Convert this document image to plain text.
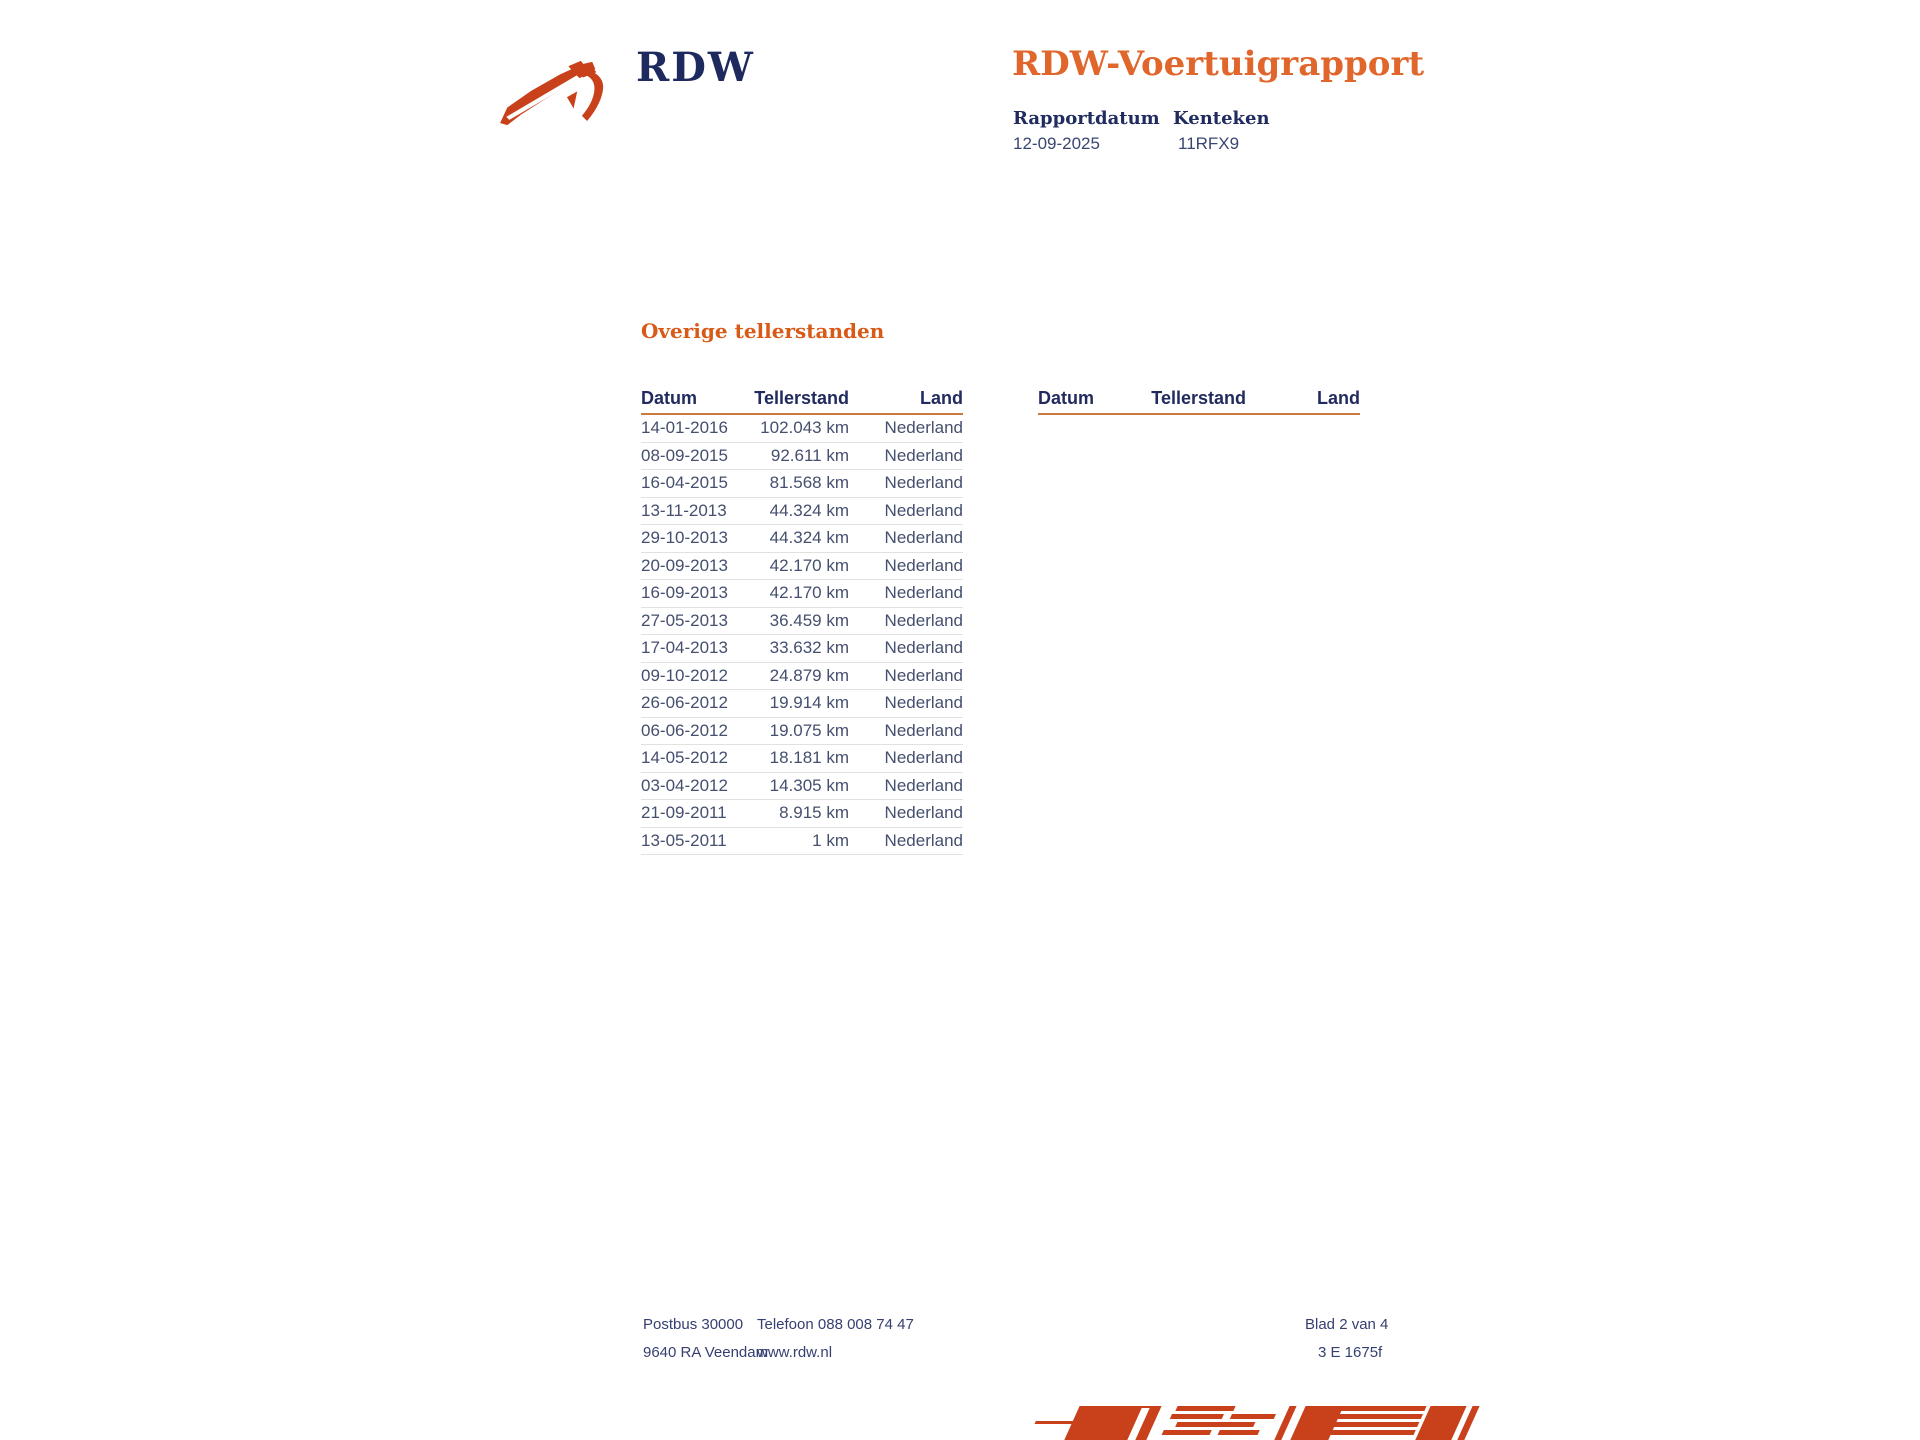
RDW	RDW-Voertuigrapport
Rapportdatum
12-09-2025
Kenteken
11RFX9
Overige tellerstanden
Datum	Tellerstand	Land
14-01-2016	102.043 km	Nederland
08-09-2015	92.611 km	Nederland
16-04-2015	81.568 km	Nederland
13-11-2013	44.324 km	Nederland
29-10-2013	44.324 km	Nederland
20-09-2013	42.170 km	Nederland
16-09-2013	42.170 km	Nederland
27-05-2013	36.459 km	Nederland
17-04-2013	33.632 km	Nederland
09-10-2012	24.879 km	Nederland
26-06-2012	19.914 km	Nederland
06-06-2012	19.075 km	Nederland
14-05-2012	18.181 km	Nederland
03-04-2012	14.305 km	Nederland
21-09-2011	8.915 km	Nederland
13-05-2011	1 km	Nederland
Datum	Tellerstand	Land
Postbus 30000
9640 RA Veendam
Telefoon 088 008 74 47
www.rdw.nl
Blad 2 van 4
3 E 1675f
